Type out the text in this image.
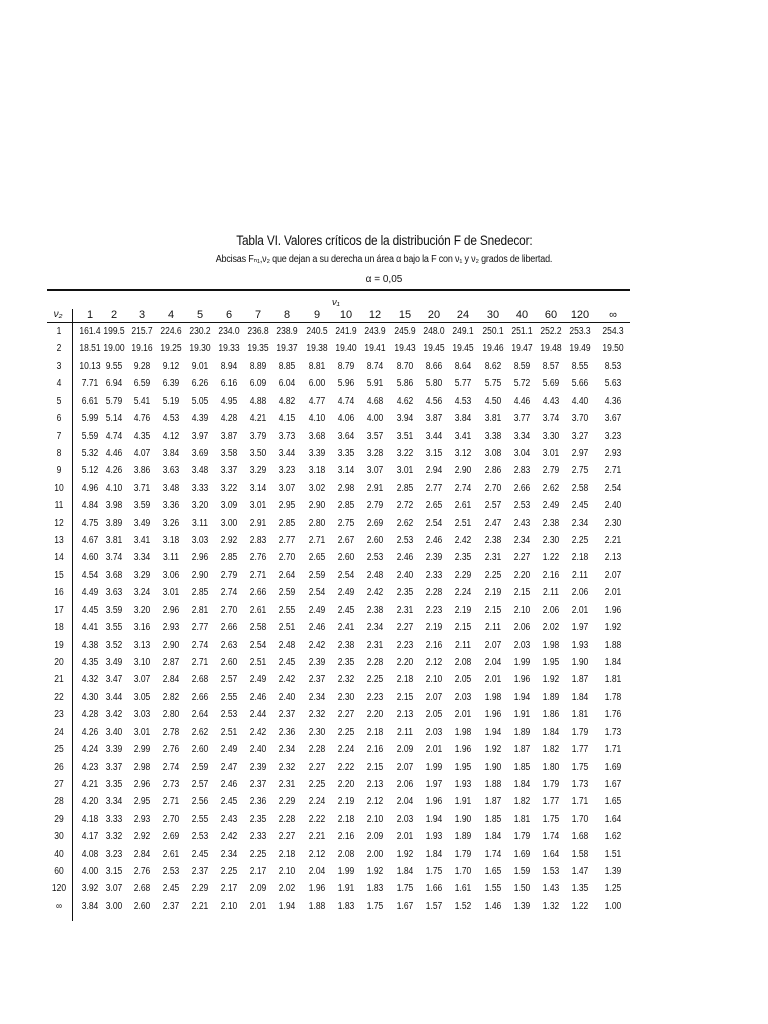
Tabla VI. Valores críticos de la distribución F de Snedecor:
Abcisas Fₙ₁,ν₂ que dejan a su derecha un área α bajo la F con ν₁ y ν₂ grados de libertad.
α = 0,05
ν₁
ν₂	1	2	3	4	5	6	7	8	9	10	12	15	20	24	30	40	60	120	∞
1	161.4 199.5 215.7 224.6 230.2 234.0 236.8 238.9 240.5 241.9 243.9 245.9 248.0 249.1 250.1 251.1 252.2 253.3 254.3
2	18.51 19.00 19.16 19.25 19.30 19.33 19.35 19.37 19.38 19.40 19.41 19.43 19.45 19.45 19.46 19.47 19.48 19.49 19.50
3	10.13 9.55	9.28	9.12	9.01	8.94	8.89	8.85	8.81	8.79	8.74	8.70	8.66	8.64	8.62	8.59	8.57	8.55	8.53
4	7.71 6.94	6.59	6.39	6.26	6.16	6.09	6.04	6.00	5.96	5.91	5.86	5.80	5.77	5.75	5.72	5.69	5.66	5.63
5	6.61 5.79	5.41	5.19	5.05	4.95	4.88	4.82	4.77	4.74	4.68	4.62	4.56	4.53	4.50	4.46	4.43	4.40	4.36
6	5.99 5.14	4.76	4.53	4.39	4.28	4.21	4.15	4.10	4.06	4.00	3.94	3.87	3.84	3.81	3.77	3.74	3.70	3.67
7	5.59 4.74	4.35	4.12	3.97	3.87	3.79	3.73	3.68	3.64	3.57	3.51	3.44	3.41	3.38	3.34	3.30	3.27	3.23
8	5.32 4.46	4.07	3.84	3.69	3.58	3.50	3.44	3.39	3.35	3.28	3.22	3.15	3.12	3.08	3.04	3.01	2.97	2.93
9	5.12 4.26	3.86	3.63	3.48	3.37	3.29	3.23	3.18	3.14	3.07	3.01	2.94	2.90	2.86	2.83	2.79	2.75	2.71
10	4.96 4.10	3.71	3.48	3.33	3.22	3.14	3.07	3.02	2.98	2.91	2.85	2.77	2.74	2.70	2.66	2.62	2.58	2.54
11	4.84 3.98	3.59	3.36	3.20	3.09	3.01	2.95	2.90	2.85	2.79	2.72	2.65	2.61	2.57	2.53	2.49	2.45	2.40
12	4.75 3.89	3.49	3.26	3.11	3.00	2.91	2.85	2.80	2.75	2.69	2.62	2.54	2.51	2.47	2.43	2.38	2.34	2.30
13	4.67 3.81	3.41	3.18	3.03	2.92	2.83	2.77	2.71	2.67	2.60	2.53	2.46	2.42	2.38	2.34	2.30	2.25	2.21
14	4.60 3.74	3.34	3.11	2.96	2.85	2.76	2.70	2.65	2.60	2.53	2.46	2.39	2.35	2.31	2.27	1.22	2.18	2.13
15	4.54 3.68	3.29	3.06	2.90	2.79	2.71	2.64	2.59	2.54	2.48	2.40	2.33	2.29	2.25	2.20	2.16	2.11	2.07
16	4.49 3.63	3.24	3.01	2.85	2.74	2.66	2.59	2.54	2.49	2.42	2.35	2.28	2.24	2.19	2.15	2.11	2.06	2.01
17	4.45 3.59	3.20	2.96	2.81	2.70	2.61	2.55	2.49	2.45	2.38	2.31	2.23	2.19	2.15	2.10	2.06	2.01	1.96
18	4.41 3.55	3.16	2.93	2.77	2.66	2.58	2.51	2.46	2.41	2.34	2.27	2.19	2.15	2.11	2.06	2.02	1.97	1.92
19	4.38 3.52	3.13	2.90	2.74	2.63	2.54	2.48	2.42	2.38	2.31	2.23	2.16	2.11	2.07	2.03	1.98	1.93	1.88
20	4.35 3.49	3.10	2.87	2.71	2.60	2.51	2.45	2.39	2.35	2.28	2.20	2.12	2.08	2.04	1.99	1.95	1.90	1.84
21	4.32 3.47	3.07	2.84	2.68	2.57	2.49	2.42	2.37	2.32	2.25	2.18	2.10	2.05	2.01	1.96	1.92	1.87	1.81
22	4.30 3.44	3.05	2.82	2.66	2.55	2.46	2.40	2.34	2.30	2.23	2.15	2.07	2.03	1.98	1.94	1.89	1.84	1.78
23	4.28 3.42	3.03	2.80	2.64	2.53	2.44	2.37	2.32	2.27	2.20	2.13	2.05	2.01	1.96	1.91	1.86	1.81	1.76
24	4.26 3.40	3.01	2.78	2.62	2.51	2.42	2.36	2.30	2.25	2.18	2.11	2.03	1.98	1.94	1.89	1.84	1.79	1.73
25	4.24 3.39	2.99	2.76	2.60	2.49	2.40	2.34	2.28	2.24	2.16	2.09	2.01	1.96	1.92	1.87	1.82	1.77	1.71
26	4.23 3.37	2.98	2.74	2.59	2.47	2.39	2.32	2.27	2.22	2.15	2.07	1.99	1.95	1.90	1.85	1.80	1.75	1.69
27	4.21 3.35	2.96	2.73	2.57	2.46	2.37	2.31	2.25	2.20	2.13	2.06	1.97	1.93	1.88	1.84	1.79	1.73	1.67
28	4.20 3.34	2.95	2.71	2.56	2.45	2.36	2.29	2.24	2.19	2.12	2.04	1.96	1.91	1.87	1.82	1.77	1.71	1.65
29	4.18 3.33	2.93	2.70	2.55	2.43	2.35	2.28	2.22	2.18	2.10	2.03	1.94	1.90	1.85	1.81	1.75	1.70	1.64
30	4.17 3.32	2.92	2.69	2.53	2.42	2.33	2.27	2.21	2.16	2.09	2.01	1.93	1.89	1.84	1.79	1.74	1.68	1.62
40	4.08 3.23	2.84	2.61	2.45	2.34	2.25	2.18	2.12	2.08	2.00	1.92	1.84	1.79	1.74	1.69	1.64	1.58	1.51
60	4.00 3.15	2.76	2.53	2.37	2.25	2.17	2.10	2.04	1.99	1.92	1.84	1.75	1.70	1.65	1.59	1.53	1.47	1.39
120	3.92 3.07	2.68	2.45	2.29	2.17	2.09	2.02	1.96	1.91	1.83	1.75	1.66	1.61	1.55	1.50	1.43	1.35	1.25
∞	3.84 3.00	2.60	2.37	2.21	2.10	2.01	1.94	1.88	1.83	1.75	1.67	1.57	1.52	1.46	1.39	1.32	1.22	1.00
